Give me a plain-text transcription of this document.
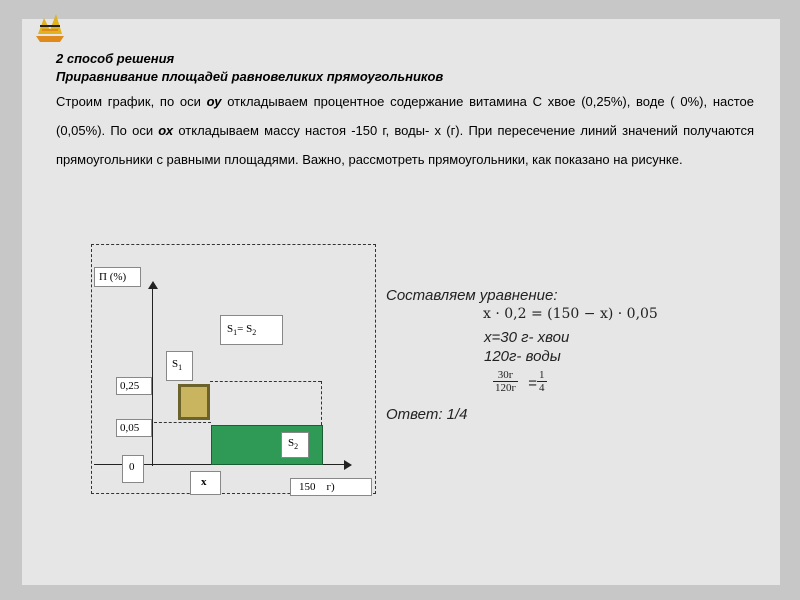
2 способ решения
Приравнивание площадей равновеликих прямоугольников
Строим график, по оси оу откладываем процентное содержание витамина С хвое (0,25%), воде ( 0%), настое (0,05%). По оси ох откладываем массу настоя -150 г, воды- х (г). При пересечение линий значений получаются прямоугольники с равными площадями. Важно, рассмотреть прямоугольники, как показано на рисунке.
П (%)
$S_1= S_2$
$S_1$
$S_2$
0,25
0,05
0
x	150 г)
Составляем уравнение:
x · 0,2 = (150 − x) · 0,05
х=30 г- хвои
120г- воды
30г
$120г = \frac{1}{4}$
Ответ: 1/4
